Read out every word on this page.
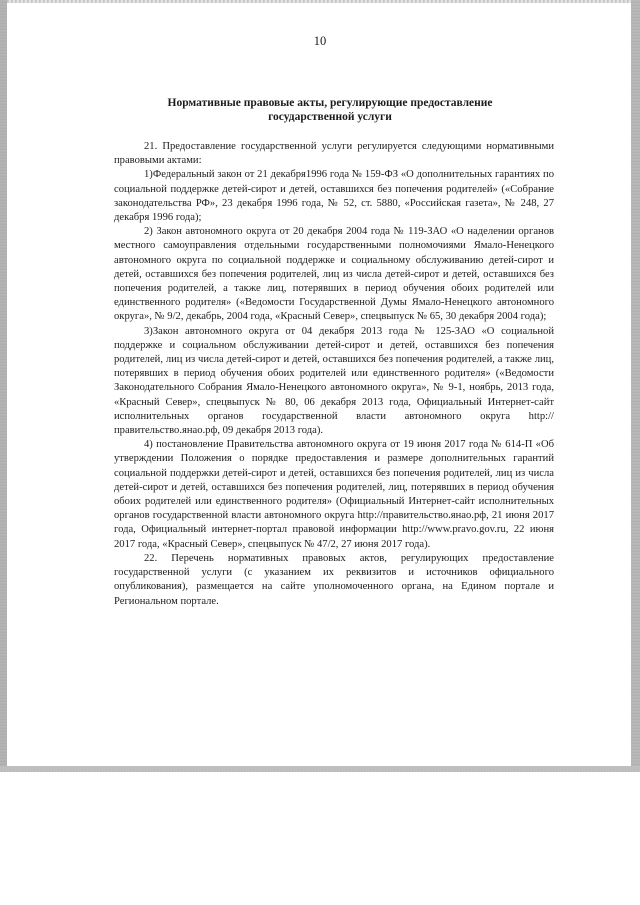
10
Нормативные правовые акты, регулирующие предоставление государственной услуги

21. Предоставление государственной услуги регулируется следующими нормативными правовыми актами:

1)Федеральный закон от 21 декабря1996 года № 159-ФЗ «О дополнительных гарантиях по социальной поддержке детей-сирот и детей, оставшихся без попечения родителей» («Собрание законодательства РФ», 23 декабря 1996 года, № 52, ст. 5880, «Российская газета», № 248, 27 декабря 1996 года);

2) Закон автономного округа от 20 декабря 2004 года № 119-ЗАО «О наделении органов местного самоуправления отдельными государственными полномочиями Ямало-Ненецкого автономного округа по социальной поддержке и социальному обслуживанию детей-сирот и детей, оставшихся без попечения родителей, лиц из числа детей-сирот и детей, оставшихся без попечения родителей, а также лиц, потерявших в период обучения обоих родителей или единственного родителя» («Ведомости Государственной Думы Ямало-Ненецкого автономного округа», № 9/2, декабрь, 2004 года, «Красный Север», спецвыпуск № 65, 30 декабря 2004 года);

3)Закон автономного округа от 04 декабря 2013 года № 125-ЗАО «О социальной поддержке и социальном обслуживании детей-сирот и детей, оставшихся без попечения родителей, лиц из числа детей-сирот и детей, оставшихся без попечения родителей, а также лиц, потерявших в период обучения обоих родителей или единственного родителя» («Ведомости Законодательного Собрания Ямало-Ненецкого автономного округа», № 9-1, ноябрь, 2013 года, «Красный Север», спецвыпуск № 80, 06 декабря 2013 года, Официальный Интернет-сайт исполнительных органов государственной власти автономного округа http://правительство.янао.рф, 09 декабря 2013 года).

4) постановление Правительства автономного округа от 19 июня 2017 года № 614-П «Об утверждении Положения о порядке предоставления и размере дополнительных гарантий социальной поддержки детей-сирот и детей, оставшихся без попечения родителей, лиц из числа детей-сирот и детей, оставшихся без попечения родителей, лиц, потерявших в период обучения обоих родителей или единственного родителя» (Официальный Интернет-сайт исполнительных органов государственной власти автономного округа http://правительство.янао.рф, 21 июня 2017 года, Официальный интернет-портал правовой информации http://www.pravo.gov.ru, 22 июня 2017 года, «Красный Север», спецвыпуск № 47/2, 27 июня 2017 года).

22. Перечень нормативных правовых актов, регулирующих предоставление государственной услуги (с указанием их реквизитов и источников официального опубликования), размещается на сайте уполномоченного органа, на Едином портале и Региональном портале.
